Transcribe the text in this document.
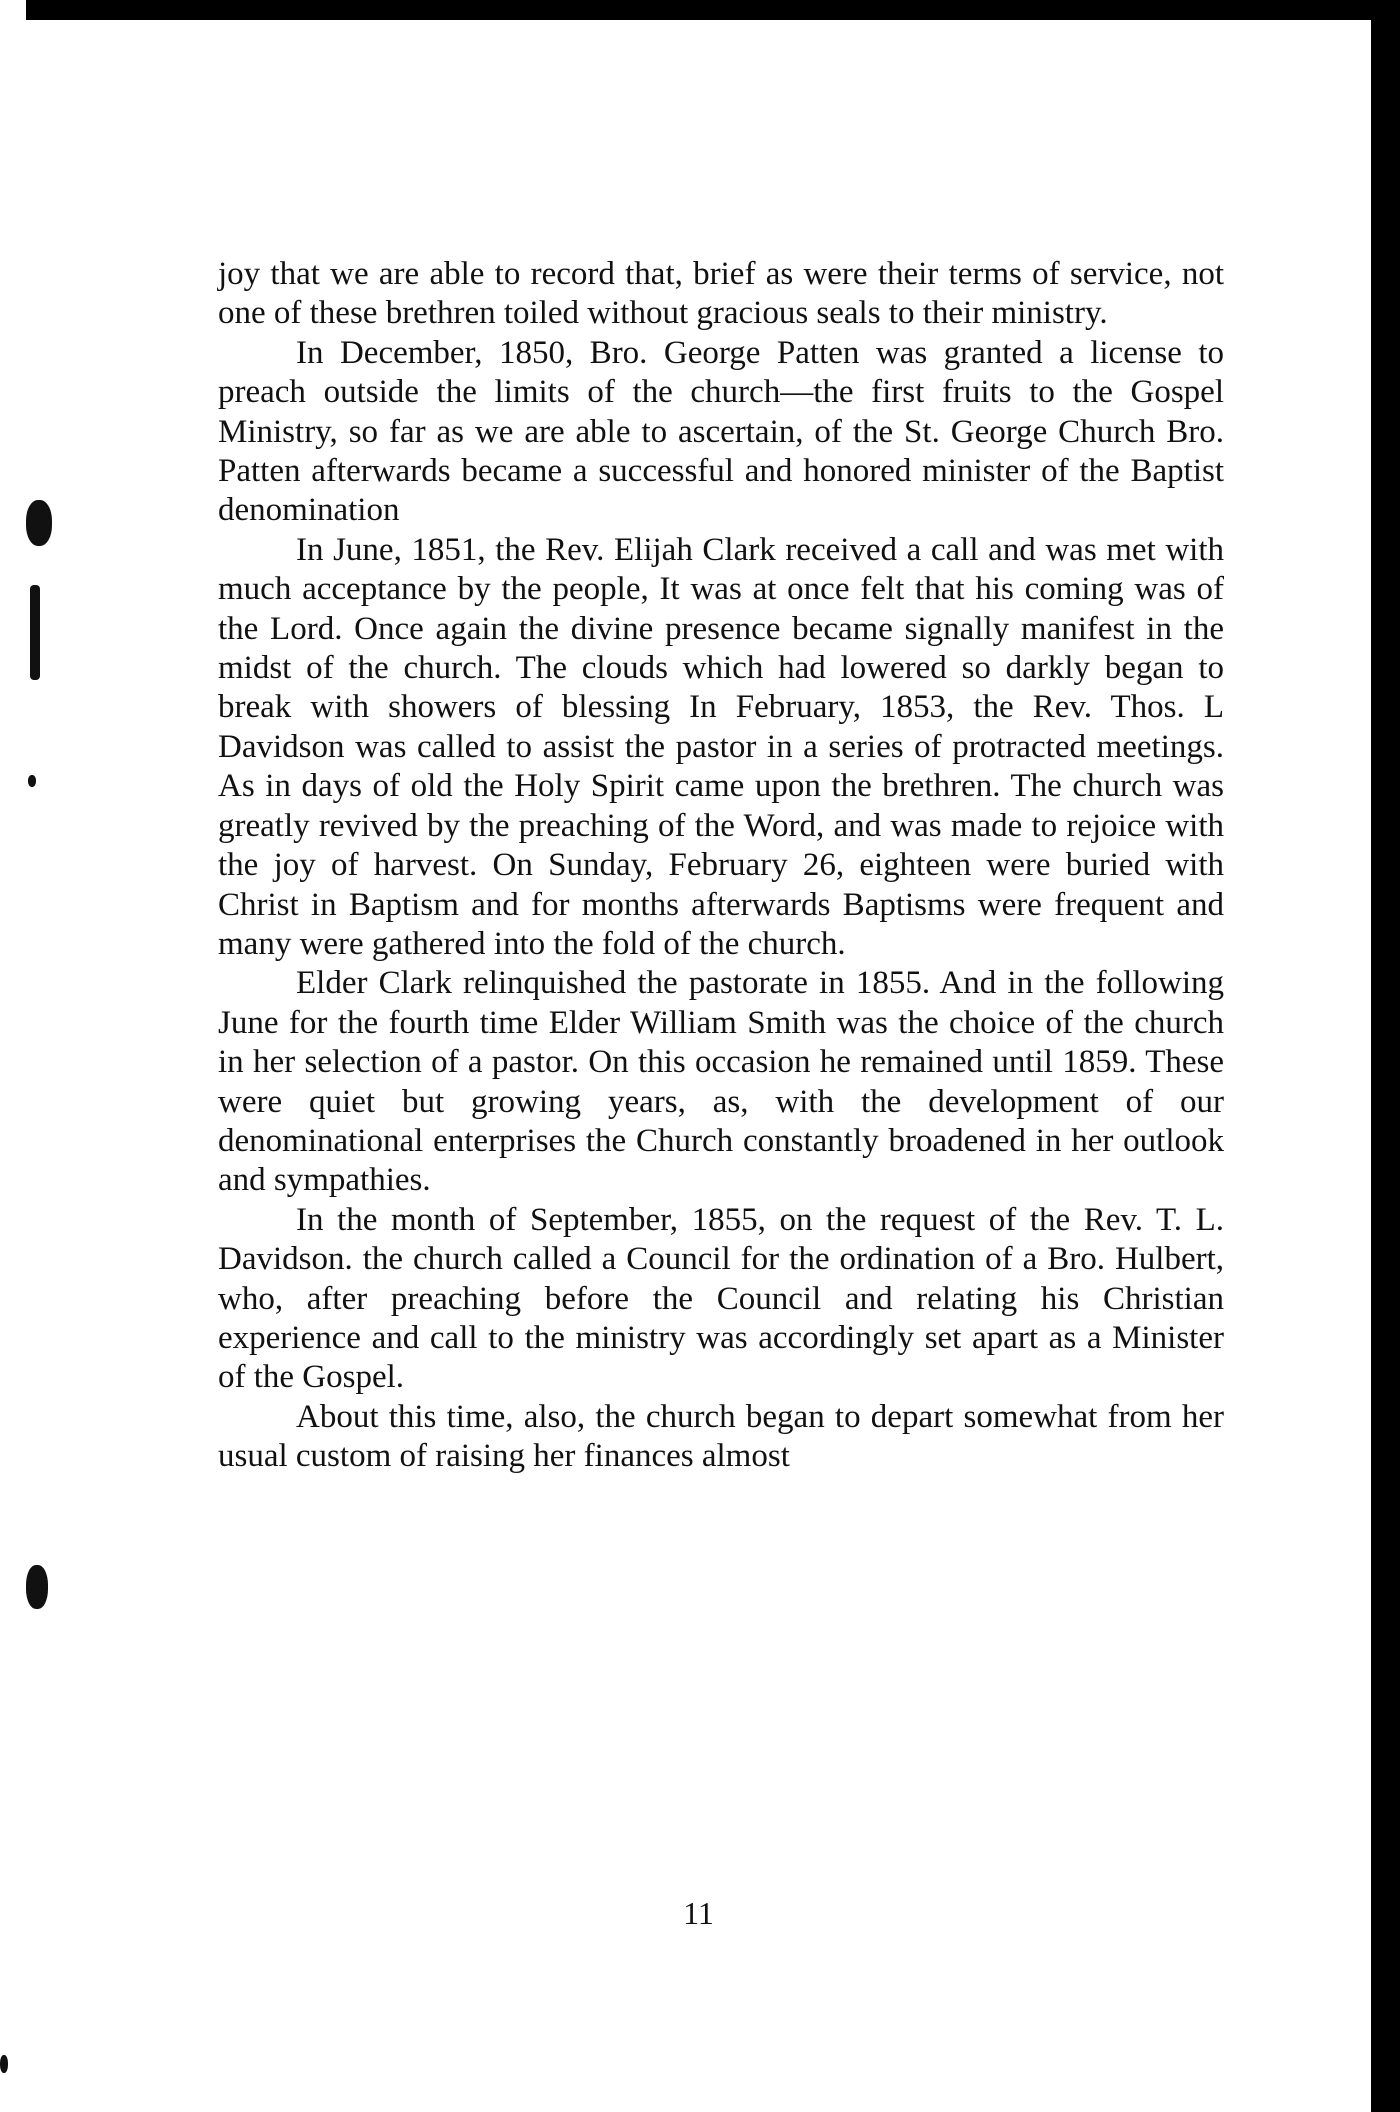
joy that we are able to record that, brief as were their terms of service, not one of these brethren toiled without gracious seals to their ministry.

In December, 1850, Bro. George Patten was granted a license to preach outside the limits of the church—the first fruits to the Gospel Ministry, so far as we are able to ascertain, of the St. George Church Bro. Patten afterwards became a successful and honored minister of the Baptist denomination

In June, 1851, the Rev. Elijah Clark received a call and was met with much acceptance by the people, It was at once felt that his coming was of the Lord. Once again the divine presence became signally manifest in the midst of the church. The clouds which had lowered so darkly began to break with showers of blessing In February, 1853, the Rev. Thos. L Davidson was called to assist the pastor in a series of protracted meetings. As in days of old the Holy Spirit came upon the brethren. The church was greatly revived by the preaching of the Word, and was made to rejoice with the joy of harvest. On Sunday, February 26, eighteen were buried with Christ in Baptism and for months afterwards Baptisms were frequent and many were gathered into the fold of the church.

Elder Clark relinquished the pastorate in 1855. And in the following June for the fourth time Elder William Smith was the choice of the church in her selection of a pastor. On this occasion he remained until 1859. These were quiet but growing years, as, with the development of our denominational enterprises the Church constantly broadened in her outlook and sympathies.

In the month of September, 1855, on the request of the Rev. T. L. Davidson. the church called a Council for the ordination of a Bro. Hulbert, who, after preaching before the Council and relating his Christian experience and call to the ministry was accordingly set apart as a Minister of the Gospel.

About this time, also, the church began to depart somewhat from her usual custom of raising her finances almost

11
